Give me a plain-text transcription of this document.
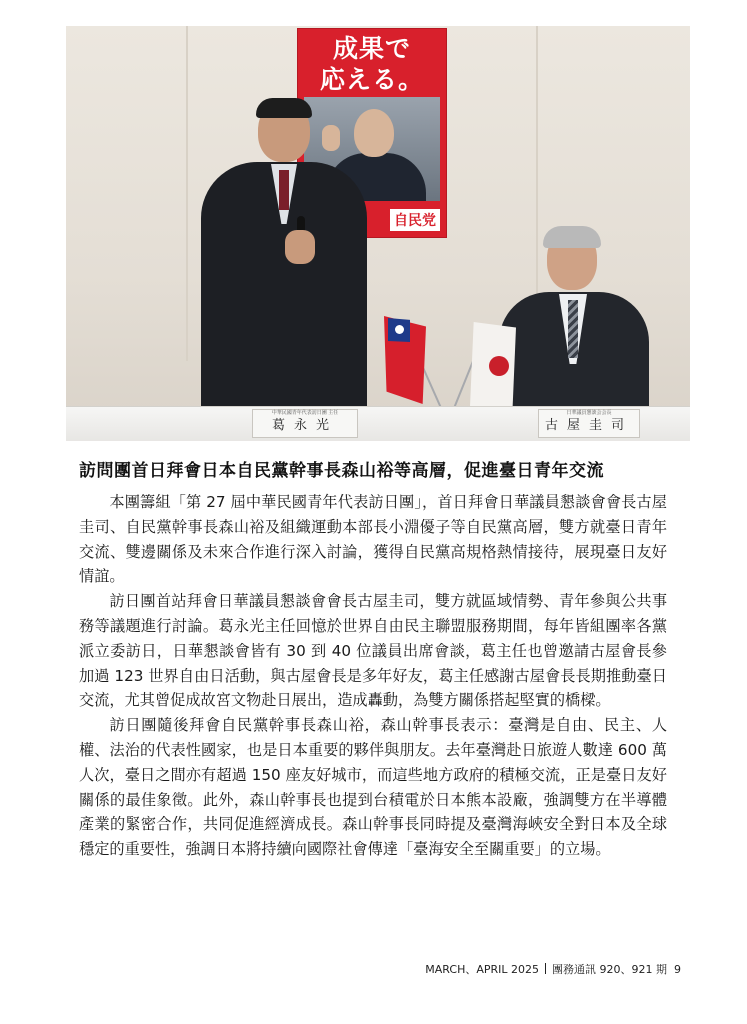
成果で
応える。
自民党
中華民國青年代表訪日團 主任
葛永光
日華議員懇談会会長
古屋圭司
訪問團首日拜會日本自民黨幹事長森山裕等高層，促進臺日青年交流

本團籌組「第 27 屆中華民國青年代表訪日團」，首日拜會日華議員懇談會會長古屋圭司、自民黨幹事長森山裕及組織運動本部長小淵優子等自民黨高層，雙方就臺日青年交流、雙邊關係及未來合作進行深入討論，獲得自民黨高規格熱情接待，展現臺日友好情誼。

訪日團首站拜會日華議員懇談會會長古屋圭司，雙方就區域情勢、青年參與公共事務等議題進行討論。葛永光主任回憶於世界自由民主聯盟服務期間，每年皆組團率各黨派立委訪日，日華懇談會皆有 30 到 40 位議員出席會談，葛主任也曾邀請古屋會長參加過 123 世界自由日活動，與古屋會長是多年好友，葛主任感謝古屋會長長期推動臺日交流，尤其曾促成故宮文物赴日展出，造成轟動，為雙方關係搭起堅實的橋樑。

訪日團隨後拜會自民黨幹事長森山裕，森山幹事長表示：臺灣是自由、民主、人權、法治的代表性國家，也是日本重要的夥伴與朋友。去年臺灣赴日旅遊人數達 600 萬人次，臺日之間亦有超過 150 座友好城市，而這些地方政府的積極交流，正是臺日友好關係的最佳象徵。此外，森山幹事長也提到台積電於日本熊本設廠，強調雙方在半導體產業的緊密合作，共同促進經濟成長。森山幹事長同時提及臺灣海峽安全對日本及全球穩定的重要性，強調日本將持續向國際社會傳達「臺海安全至關重要」的立場。

MARCH、APRIL 2025 團務通訊 920、921 期 9
